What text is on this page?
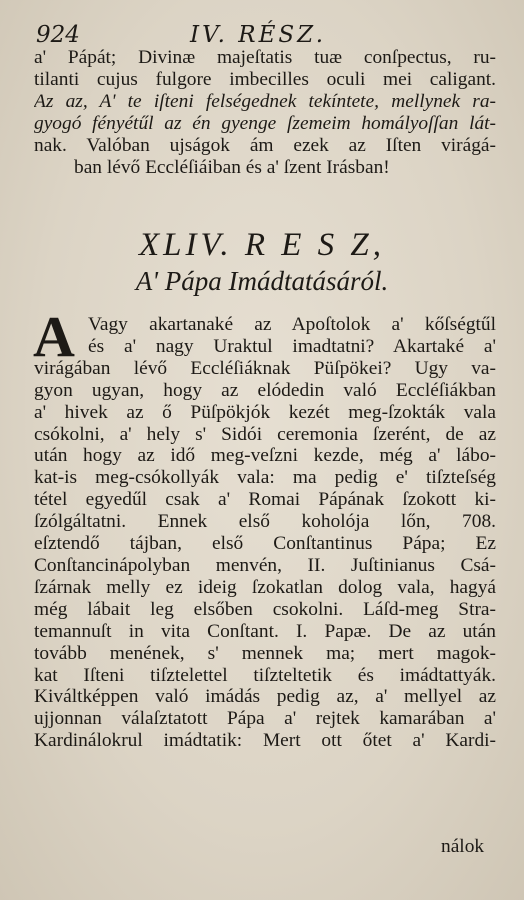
924	IV. RÉSZ.
a' Pápát; Divinæ majeſtatis tuæ conſpectus, ru-
tilanti cujus fulgore imbecilles oculi mei caligant.
Az az, A' te iſteni felségednek tekíntete, mellynek ra-
gyogó fényétűl az én gyenge ſzemeim homályoſſan lát-
nak. Valóban ujságok ám ezek az Iſten virágá-
ban lévő Eccléſiáiban és a' ſzent Irásban!
XLIV. R E S Z,
A' Pápa Imádtatásáról.
A Vagy akartanaké az Apoſtolok a' kőſségtűl
és a' nagy Uraktul imadtatni? Akartaké a'
virágában lévő Eccléſiáknak Püſpökei? Ugy va-
gyon ugyan, hogy az elódedin való Eccléſiákban
a' hivek az ő Püſpökjók kezét meg-ſzokták vala
csókolni, a' hely s' Sidói ceremonia ſzerént, de az
után hogy az idő meg-veſzni kezde, még a' lábo-
kat-is meg-csókollyák vala: ma pedig e' tiſzteſség
tétel egyedűl csak a' Romai Pápának ſzokott ki-
ſzólgáltatni. Ennek első koholója lőn, 708.
eſztendő tájban, első Conſtantinus Pápa; Ez
Conſtancinápolyban menvén, II. Juſtinianus Csá-
ſzárnak melly ez ideig ſzokatlan dolog vala, hagyá
még lábait leg elsőben csokolni. Láſd-meg Stra-
temannuſt in vita Conſtant. I. Papæ. De az után
tovább menének, s' mennek ma; mert magok-
kat Iſteni tiſztelettel tiſzteltetik és imádtattyák.
Kiváltképpen való imádás pedig az, a' mellyel az
ujjonnan válaſztatott Pápa a' rejtek kamarában a'
Kardinálokrul imádtatik: Mert ott őtet a' Kardi-
nálok
